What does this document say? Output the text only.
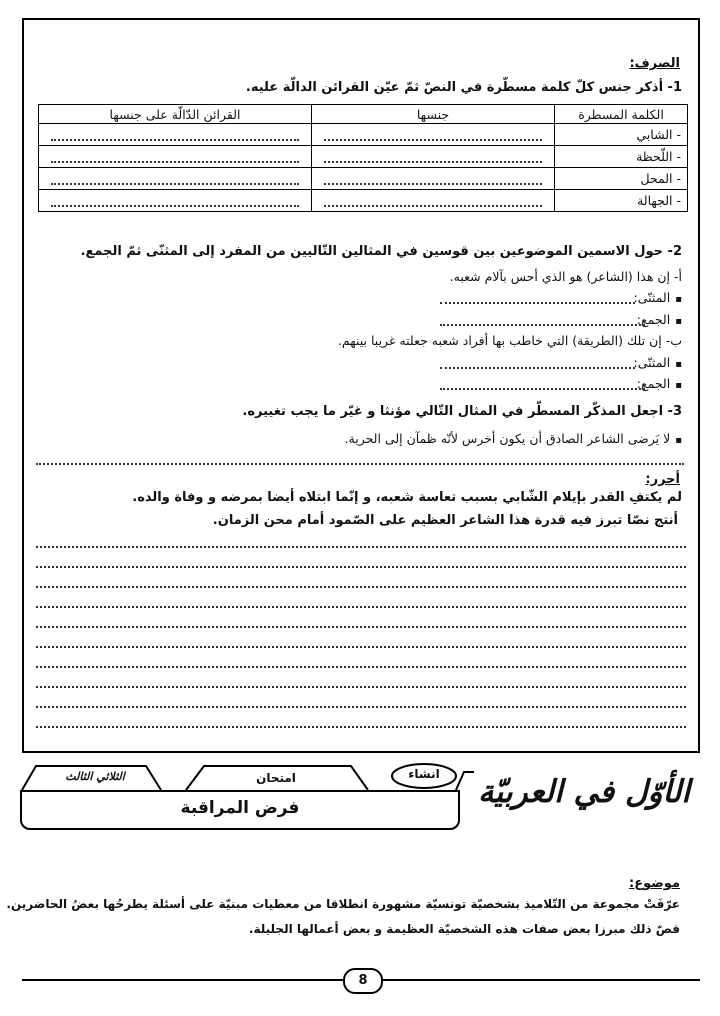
الصرف:
1- أذكر جنس كلّ كلمة مسطّرة في النصّ ثمّ عيّن القرائن الدالّة عليه.
الكلمة المسطرة	جنسها	القرائن الدّالّة على جنسها
- الشابي	

- اللّحظة	

- المحل	

- الجهالة	

2- حول الاسمين الموضوعين بين قوسين في المثالين التّاليين من المفرد إلى المثنّى ثمّ الجمع.
أ- إن هذا (الشاعر) هو الذي أحس بآلام شعبه.
▪ المثنّى:
▪ الجمع:
ب- إن تلك (الطريقة) التي خاطب بها أفراد شعبه جعلته غريبا بينهم.
▪ المثنّى:
▪ الجمع:
3- اجعل المذكّر المسطّر في المثال التّالي مؤنثا و غيّر ما يجب تغييره.
▪ لا يَرضى الشاعر الصادق أن يكون أخرس لأنّه ظمآن إلى الحرية.
أحرر:
لم يكتفِ القدر بإيلام الشّابي بسبب تعاسة شعبه، و إنّما ابتلاه أيضا بمرضه و وفاة والده.
أنتج نصّا تبرز فيه قدرة هذا الشاعر العظيم على الصّمود أمام محن الزمان.
الثلاثي الثالث	امتحان	انشاء
فرض المراقبة	الأوّل في العربيّة
موضوع:
عرّفَتْ مجموعة من التّلاميذ بشخصيّة تونسيّة مشهورة انطلاقا من معطيات مبنيّة على أسئلة يطرحُها بعضُ الحاضرين.
قصّ ذلك مبرزا بعض صفات هذه الشخصيّة العظيمة و بعض أعمالها الجليلة.
8
